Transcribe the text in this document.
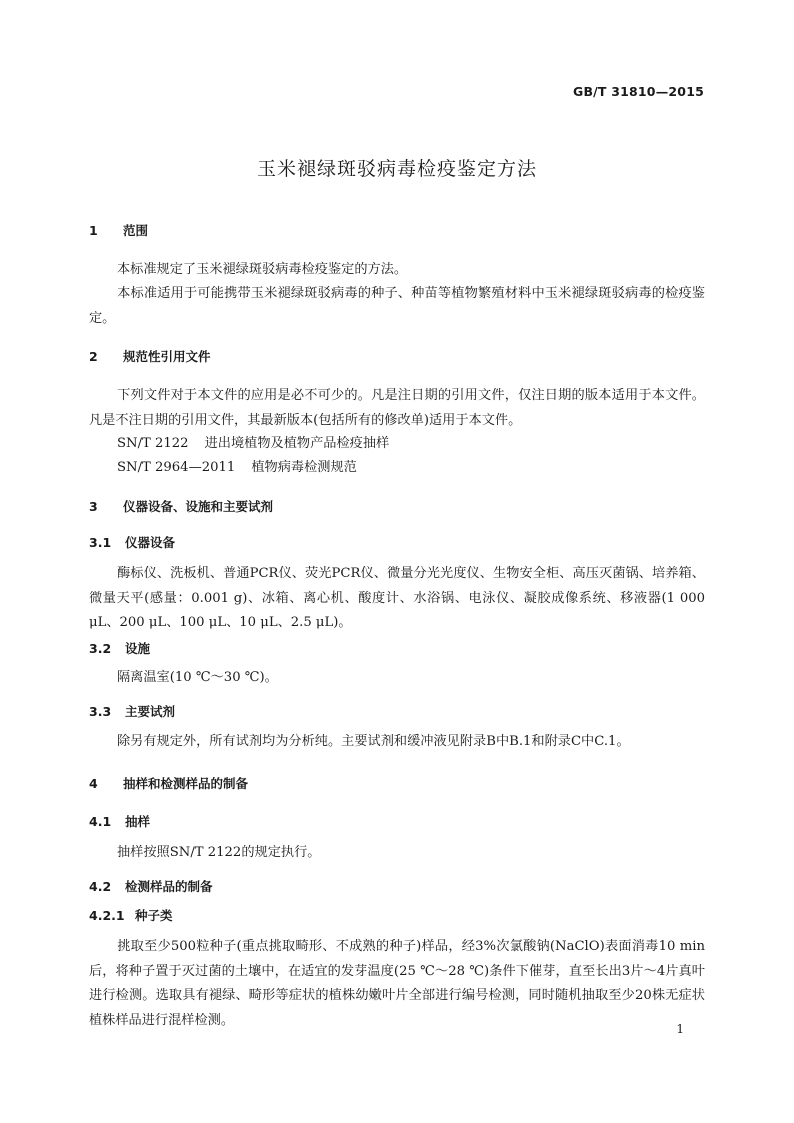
GB/T 31810—2015
玉米褪绿斑驳病毒检疫鉴定方法
1 范围
本标准规定了玉米褪绿斑驳病毒检疫鉴定的方法。
本标准适用于可能携带玉米褪绿斑驳病毒的种子、种苗等植物繁殖材料中玉米褪绿斑驳病毒的检疫鉴定。
2 规范性引用文件
下列文件对于本文件的应用是必不可少的。凡是注日期的引用文件，仅注日期的版本适用于本文件。凡是不注日期的引用文件，其最新版本(包括所有的修改单)适用于本文件。
SN/T 2122 进出境植物及植物产品检疫抽样
SN/T 2964—2011 植物病毒检测规范
3 仪器设备、设施和主要试剂
3.1 仪器设备
酶标仪、洗板机、普通PCR仪、荧光PCR仪、微量分光光度仪、生物安全柜、高压灭菌锅、培养箱、微量天平(感量：0.001 g)、冰箱、离心机、酸度计、水浴锅、电泳仪、凝胶成像系统、移液器(1 000 μL、200 μL、100 μL、10 μL、2.5 μL)。
3.2 设施
隔离温室(10 ℃～30 ℃)。
3.3 主要试剂
除另有规定外，所有试剂均为分析纯。主要试剂和缓冲液见附录B中B.1和附录C中C.1。
4 抽样和检测样品的制备
4.1 抽样
抽样按照SN/T 2122的规定执行。
4.2 检测样品的制备
4.2.1 种子类
挑取至少500粒种子(重点挑取畸形、不成熟的种子)样品，经3%次氯酸钠(NaClO)表面消毒10 min后，将种子置于灭过菌的土壤中，在适宜的发芽温度(25 ℃～28 ℃)条件下催芽，直至长出3片～4片真叶进行检测。选取具有褪绿、畸形等症状的植株幼嫩叶片全部进行编号检测，同时随机抽取至少20株无症状植株样品进行混样检测。
1
